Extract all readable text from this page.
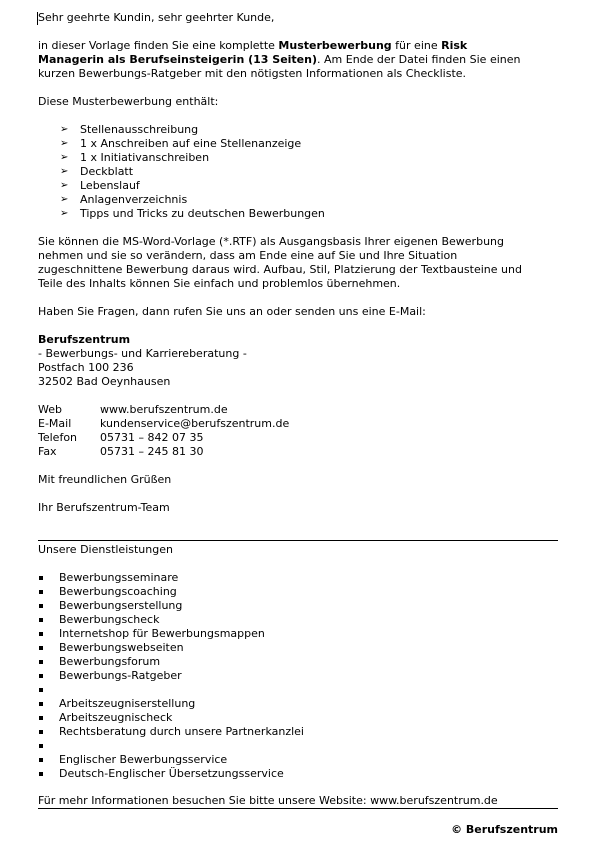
Sehr geehrte Kundin, sehr geehrter Kunde,
in dieser Vorlage finden Sie eine komplette Musterbewerbung für eine Risk
Managerin als Berufseinsteigerin (13 Seiten). Am Ende der Datei finden Sie einen
kurzen Bewerbungs-Ratgeber mit den nötigsten Informationen als Checkliste.
Diese Musterbewerbung enthält:
➢ Stellenausschreibung
➢ 1 x Anschreiben auf eine Stellenanzeige
➢ 1 x Initiativanschreiben
➢ Deckblatt
➢ Lebenslauf
➢ Anlagenverzeichnis
➢ Tipps und Tricks zu deutschen Bewerbungen
Sie können die MS-Word-Vorlage (*.RTF) als Ausgangsbasis Ihrer eigenen Bewerbung
nehmen und sie so verändern, dass am Ende eine auf Sie und Ihre Situation
zugeschnittene Bewerbung daraus wird. Aufbau, Stil, Platzierung der Textbausteine und
Teile des Inhalts können Sie einfach und problemlos übernehmen.
Haben Sie Fragen, dann rufen Sie uns an oder senden uns eine E-Mail:
Berufszentrum
- Bewerbungs- und Karriereberatung -
Postfach 100 236
32502 Bad Oeynhausen
Web	www.berufszentrum.de
E-Mail	kundenservice@berufszentrum.de
Telefon 05731 – 842 07 35
Fax	05731 – 245 81 30
Mit freundlichen Grüßen
Ihr Berufszentrum-Team
Unsere Dienstleistungen
Bewerbungsseminare
Bewerbungscoaching
Bewerbungserstellung
Bewerbungscheck
Internetshop für Bewerbungsmappen
Bewerbungswebseiten
Bewerbungsforum
Bewerbungs-Ratgeber
Arbeitszeugniserstellung
Arbeitszeugnischeck
Rechtsberatung durch unsere Partnerkanzlei
Englischer Bewerbungsservice
Deutsch-Englischer Übersetzungsservice
Für mehr Informationen besuchen Sie bitte unsere Website: www.berufszentrum.de
© Berufszentrum
